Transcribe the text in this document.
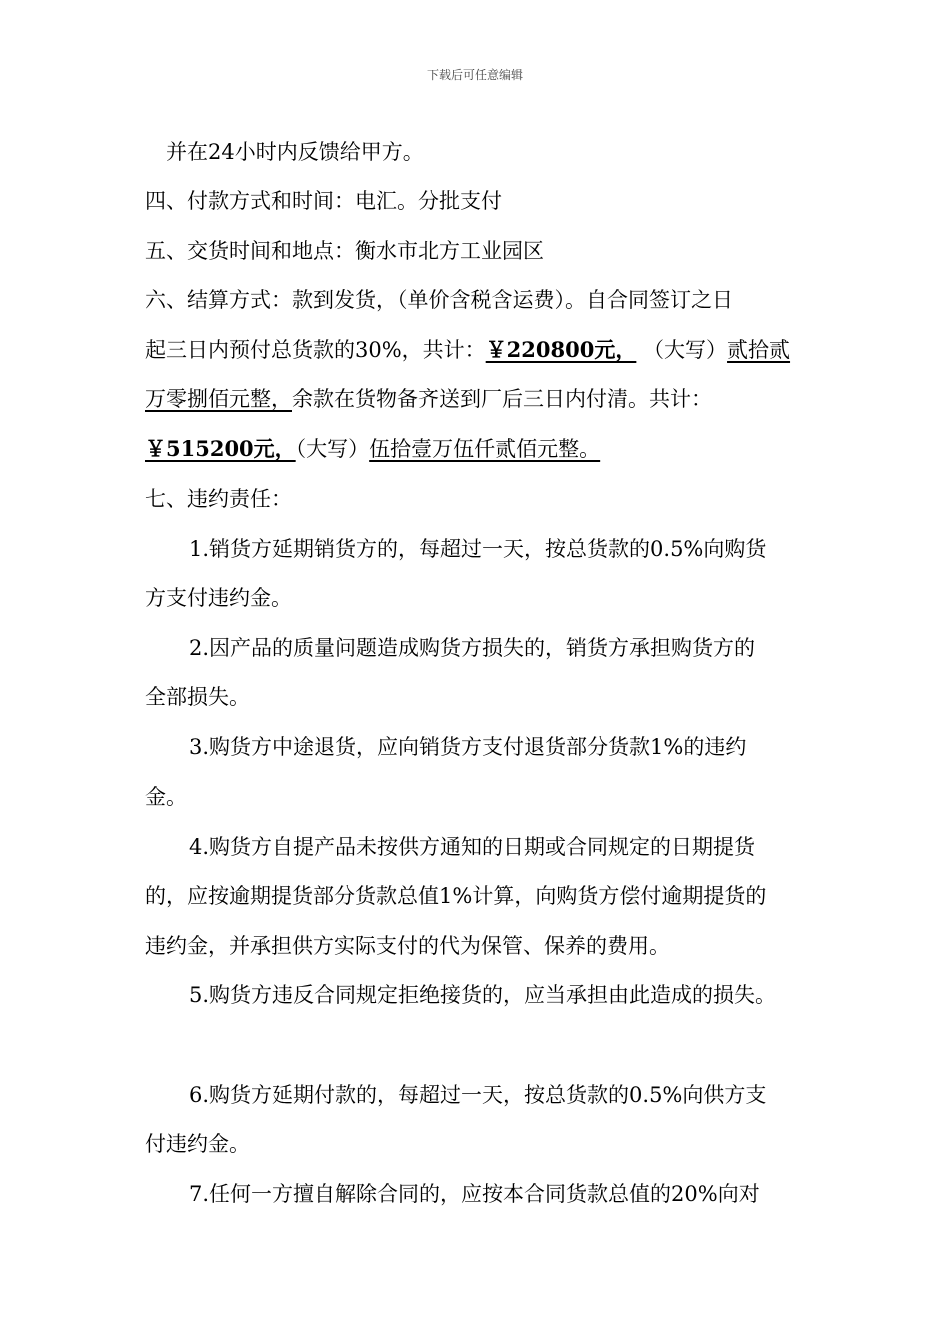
下载后可任意编辑
并在24小时内反馈给甲方。
四、付款方式和时间：电汇。分批支付
五、交货时间和地点：衡水市北方工业园区
六、结算方式：款到发货，（单价含税含运费）。自合同签订之日
起三日内预付总货款的30%，共计：￥220800元， （大写）贰拾贰
万零捌佰元整，余款在货物备齐送到厂后三日内付清。共计：
￥515200元，（大写）伍拾壹万伍仟贰佰元整。
七、违约责任：
1.销货方延期销货方的，每超过一天，按总货款的0.5%向购货
方支付违约金。
2.因产品的质量问题造成购货方损失的，销货方承担购货方的
全部损失。
3.购货方中途退货，应向销货方支付退货部分货款1%的违约
金。
4.购货方自提产品未按供方通知的日期或合同规定的日期提货
的，应按逾期提货部分货款总值1%计算，向购货方偿付逾期提货的
违约金，并承担供方实际支付的代为保管、保养的费用。
5.购货方违反合同规定拒绝接货的，应当承担由此造成的损失。
6.购货方延期付款的，每超过一天，按总货款的0.5%向供方支
付违约金。
7.任何一方擅自解除合同的，应按本合同货款总值的20%向对
